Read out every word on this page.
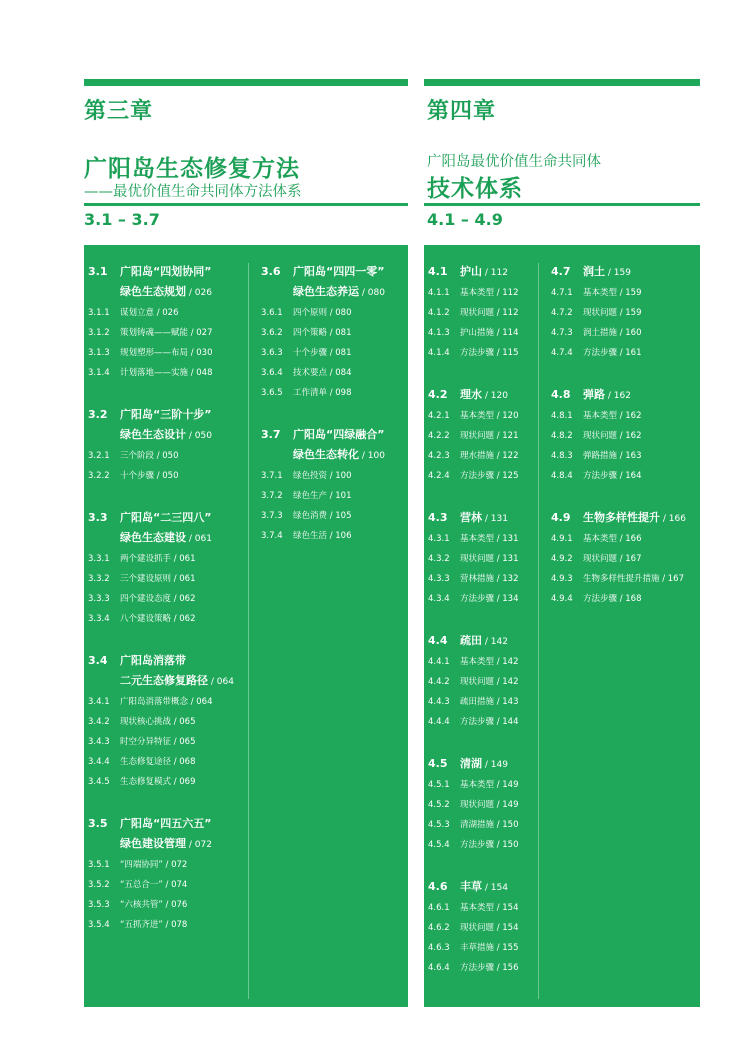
第三章
广阳岛生态修复方法
——最优价值生命共同体方法体系
3.1 – 3.7
3.1	广阳岛“四划协同”
绿色生态规划 / 026
3.1.1	谋划立意 / 026
3.1.2	策划铸魂——赋能 / 027
3.1.3	规划塑形——布局 / 030
3.1.4	计划落地——实施 / 048
3.2	广阳岛“三阶十步”
绿色生态设计 / 050
3.2.1	三个阶段 / 050
3.2.2	十个步骤 / 050
3.3	广阳岛“二三四八”
绿色生态建设 / 061
3.3.1	两个建设抓手 / 061
3.3.2	三个建设原则 / 061
3.3.3	四个建设态度 / 062
3.3.4	八个建设策略 / 062
3.4	广阳岛消落带
二元生态修复路径 / 064
3.4.1	广阳岛消落带概念 / 064
3.4.2	现状核心挑战 / 065
3.4.3	时空分异特征 / 065
3.4.4	生态修复途径 / 068
3.4.5	生态修复模式 / 069
3.5	广阳岛“四五六五”
绿色建设管理 / 072
3.5.1	“四端协同” / 072
3.5.2	“五总合一” / 074
3.5.3	“六核共管” / 076
3.5.4	“五抓齐进” / 078
3.6	广阳岛“四四一零”
绿色生态养运 / 080
3.6.1	四个原则 / 080
3.6.2	四个策略 / 081
3.6.3	十个步骤 / 081
3.6.4	技术要点 / 084
3.6.5	工作清单 / 098
3.7	广阳岛“四绿融合”
绿色生态转化 / 100
3.7.1	绿色投资 / 100
3.7.2	绿色生产 / 101
3.7.3	绿色消费 / 105
3.7.4	绿色生活 / 106
第四章
广阳岛最优价值生命共同体
技术体系
4.1 – 4.9
4.1	护山 / 112
4.1.1	基本类型 / 112
4.1.2	现状问题 / 112
4.1.3	护山措施 / 114
4.1.4	方法步骤 / 115
4.2	理水 / 120
4.2.1	基本类型 / 120
4.2.2	现状问题 / 121
4.2.3	理水措施 / 122
4.2.4	方法步骤 / 125
4.3	营林 / 131
4.3.1	基本类型 / 131
4.3.2	现状问题 / 131
4.3.3	营林措施 / 132
4.3.4	方法步骤 / 134
4.4	疏田 / 142
4.4.1	基本类型 / 142
4.4.2	现状问题 / 142
4.4.3	疏田措施 / 143
4.4.4	方法步骤 / 144
4.5	清湖 / 149
4.5.1	基本类型 / 149
4.5.2	现状问题 / 149
4.5.3	清湖措施 / 150
4.5.4	方法步骤 / 150
4.6	丰草 / 154
4.6.1	基本类型 / 154
4.6.2	现状问题 / 154
4.6.3	丰草措施 / 155
4.6.4	方法步骤 / 156
4.7	润土 / 159
4.7.1	基本类型 / 159
4.7.2	现状问题 / 159
4.7.3	润土措施 / 160
4.7.4	方法步骤 / 161
4.8	弹路 / 162
4.8.1	基本类型 / 162
4.8.2	现状问题 / 162
4.8.3	弹路措施 / 163
4.8.4	方法步骤 / 164
4.9	生物多样性提升 / 166
4.9.1	基本类型 / 166
4.9.2	现状问题 / 167
4.9.3	生物多样性提升措施 / 167
4.9.4	方法步骤 / 168
